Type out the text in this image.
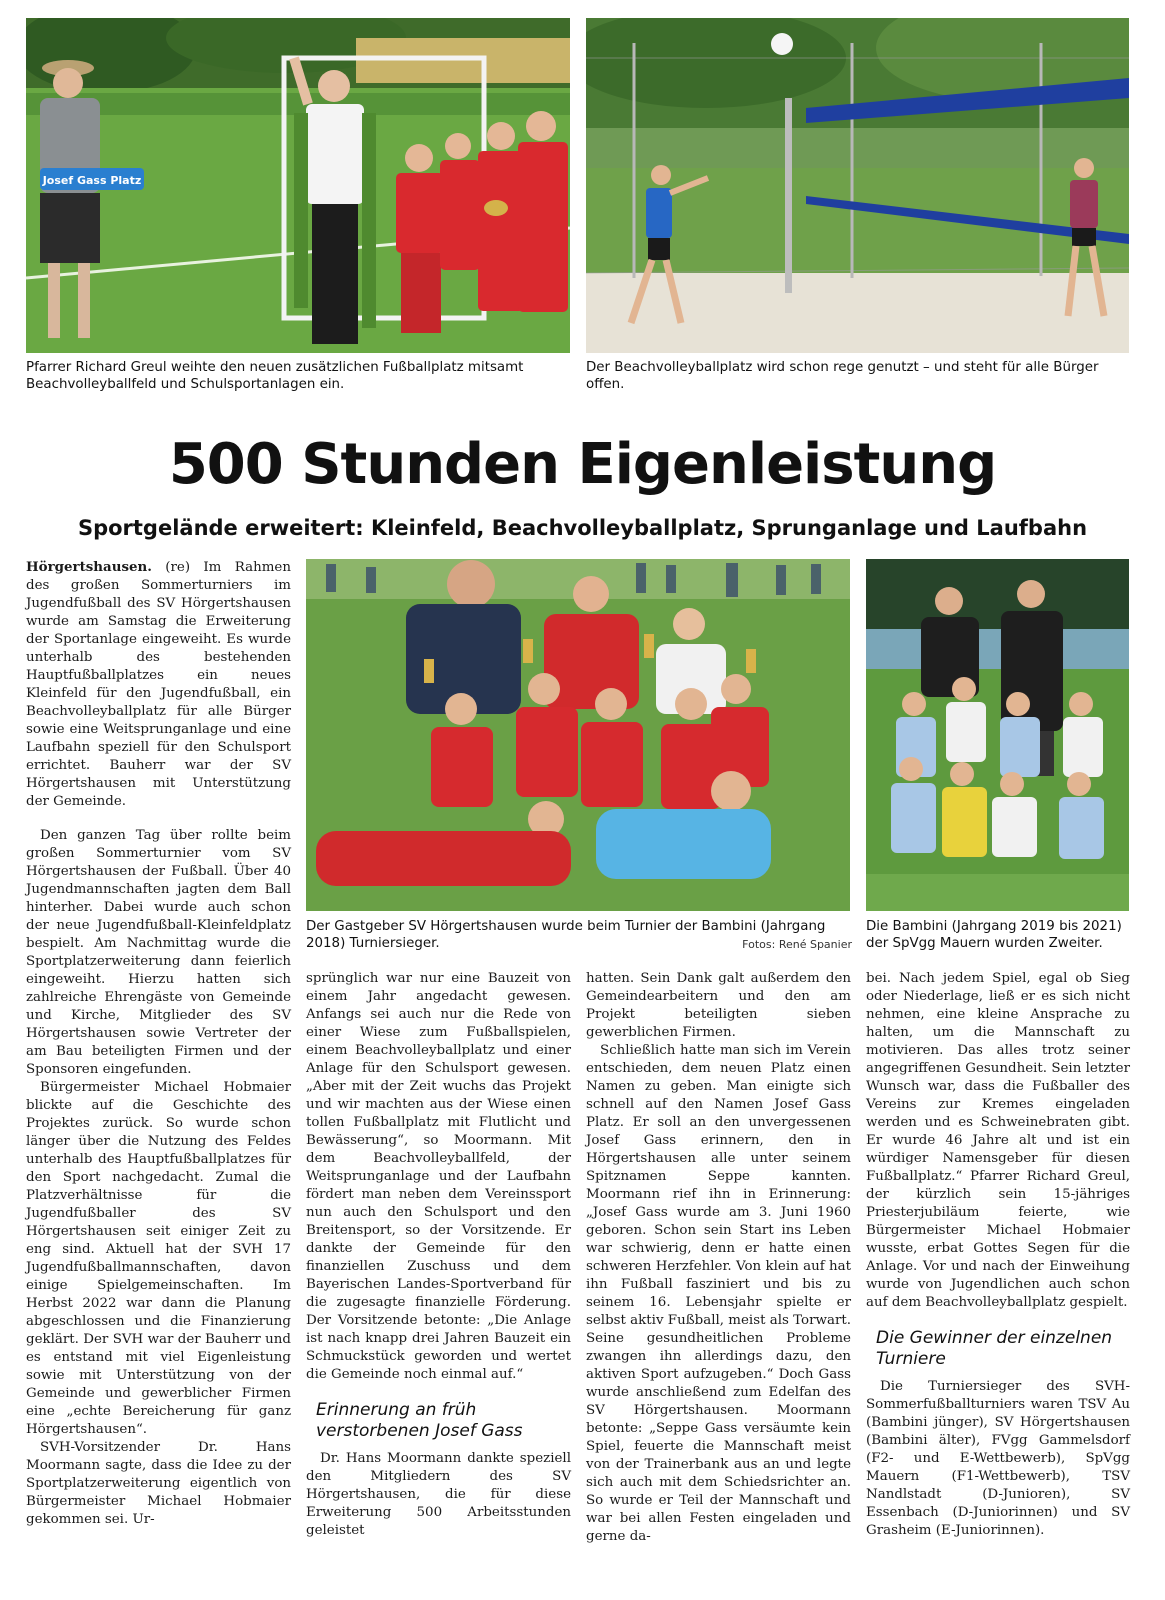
Josef Gass Platz
Pfarrer Richard Greul weihte den neuen zusätzlichen Fußballplatz mitsamt Beachvolleyballfeld und Schulsportanlagen ein.
Der Beachvolleyballplatz wird schon rege genutzt – und steht für alle Bürger offen.
500 Stunden Eigenleistung
Sportgelände erweitert: Kleinfeld, Beachvolleyballplatz, Sprunganlage und Laufbahn
Der Gastgeber SV Hörgertshausen wurde beim Turnier der Bambini (Jahrgang 2018) Turniersieger.	Fotos: René Spanier
Die Bambini (Jahrgang 2019 bis 2021) der SpVgg Mauern wurden Zweiter.

Hörgertshausen. (re) Im Rahmen des großen Sommerturniers im Jugendfußball des SV Hörgertshausen wurde am Samstag die Erweiterung der Sportanlage eingeweiht. Es wurde unterhalb des bestehenden Hauptfußballplatzes ein neues Kleinfeld für den Jugendfußball, ein Beachvolleyballplatz für alle Bürger sowie eine Weitsprunganlage und eine Laufbahn speziell für den Schulsport errichtet. Bauherr war der SV Hörgertshausen mit Unterstützung der Gemeinde.

Den ganzen Tag über rollte beim großen Sommerturnier vom SV Hörgertshausen der Fußball. Über 40 Jugendmannschaften jagten dem Ball hinterher. Dabei wurde auch schon der neue Jugendfußball-Kleinfeldplatz bespielt. Am Nachmittag wurde die Sportplatzerweiterung dann feierlich eingeweiht. Hierzu hatten sich zahlreiche Ehrengäste von Gemeinde und Kirche, Mitglieder des SV Hörgertshausen sowie Vertreter der am Bau beteiligten Firmen und der Sponsoren eingefunden.

Bürgermeister Michael Hobmaier blickte auf die Geschichte des Projektes zurück. So wurde schon länger über die Nutzung des Feldes unterhalb des Hauptfußballplatzes für den Sport nachgedacht. Zumal die Platzverhältnisse für die Jugendfußballer des SV Hörgertshausen seit einiger Zeit zu eng sind. Aktuell hat der SVH 17 Jugendfußballmannschaften, davon einige Spielgemeinschaften. Im Herbst 2022 war dann die Planung abgeschlossen und die Finanzierung geklärt. Der SVH war der Bauherr und es entstand mit viel Eigenleistung sowie mit Unterstützung von der Gemeinde und gewerblicher Firmen eine „echte Bereicherung für ganz Hörgertshausen“.

SVH-Vorsitzender Dr. Hans Moormann sagte, dass die Idee zu der Sportplatzerweiterung eigentlich von Bürgermeister Michael Hobmaier gekommen sei. Ur-

sprünglich war nur eine Bauzeit von einem Jahr angedacht gewesen. Anfangs sei auch nur die Rede von einer Wiese zum Fußballspielen, einem Beachvolleyballplatz und einer Anlage für den Schulsport gewesen. „Aber mit der Zeit wuchs das Projekt und wir machten aus der Wiese einen tollen Fußballplatz mit Flutlicht und Bewässerung“, so Moormann. Mit dem Beachvolleyballfeld, der Weitsprunganlage und der Laufbahn fördert man neben dem Vereinssport nun auch den Schulsport und den Breitensport, so der Vorsitzende. Er dankte der Gemeinde für den finanziellen Zuschuss und dem Bayerischen Landes-Sportverband für die zugesagte finanzielle Förderung. Der Vorsitzende betonte: „Die Anlage ist nach knapp drei Jahren Bauzeit ein Schmuckstück geworden und wertet die Gemeinde noch einmal auf.“

Erinnerung an früh verstorbenen Josef Gass

Dr. Hans Moormann dankte speziell den Mitgliedern des SV Hörgertshausen, die für diese Erweiterung 500 Arbeitsstunden geleistet

hatten. Sein Dank galt außerdem den Gemeindearbeitern und den am Projekt beteiligten sieben gewerblichen Firmen.

Schließlich hatte man sich im Verein entschieden, dem neuen Platz einen Namen zu geben. Man einigte sich schnell auf den Namen Josef Gass Platz. Er soll an den unvergessenen Josef Gass erinnern, den in Hörgertshausen alle unter seinem Spitznamen Seppe kannten. Moormann rief ihn in Erinnerung: „Josef Gass wurde am 3. Juni 1960 geboren. Schon sein Start ins Leben war schwierig, denn er hatte einen schweren Herzfehler. Von klein auf hat ihn Fußball fasziniert und bis zu seinem 16. Lebensjahr spielte er selbst aktiv Fußball, meist als Torwart. Seine gesundheitlichen Probleme zwangen ihn allerdings dazu, den aktiven Sport aufzugeben.“ Doch Gass wurde anschließend zum Edelfan des SV Hörgertshausen. Moormann betonte: „Seppe Gass versäumte kein Spiel, feuerte die Mannschaft meist von der Trainerbank aus an und legte sich auch mit dem Schiedsrichter an. So wurde er Teil der Mannschaft und war bei allen Festen eingeladen und gerne da-

bei. Nach jedem Spiel, egal ob Sieg oder Niederlage, ließ er es sich nicht nehmen, eine kleine Ansprache zu halten, um die Mannschaft zu motivieren. Das alles trotz seiner angegriffenen Gesundheit. Sein letzter Wunsch war, dass die Fußballer des Vereins zur Kremes eingeladen werden und es Schweinebraten gibt. Er wurde 46 Jahre alt und ist ein würdiger Namensgeber für diesen Fußballplatz.“ Pfarrer Richard Greul, der kürzlich sein 15-jähriges Priesterjubiläum feierte, wie Bürgermeister Michael Hobmaier wusste, erbat Gottes Segen für die Anlage. Vor und nach der Einweihung wurde von Jugendlichen auch schon auf dem Beachvolleyballplatz gespielt.

Die Gewinner der einzelnen Turniere

Die Turniersieger des SVH-Sommerfußballturniers waren TSV Au (Bambini jünger), SV Hörgertshausen (Bambini älter), FVgg Gammelsdorf (F2- und E-Wettbewerb), SpVgg Mauern (F1-Wettbewerb), TSV Nandlstadt (D-Junioren), SV Essenbach (D-Juniorinnen) und SV Grasheim (E-Juniorinnen).
